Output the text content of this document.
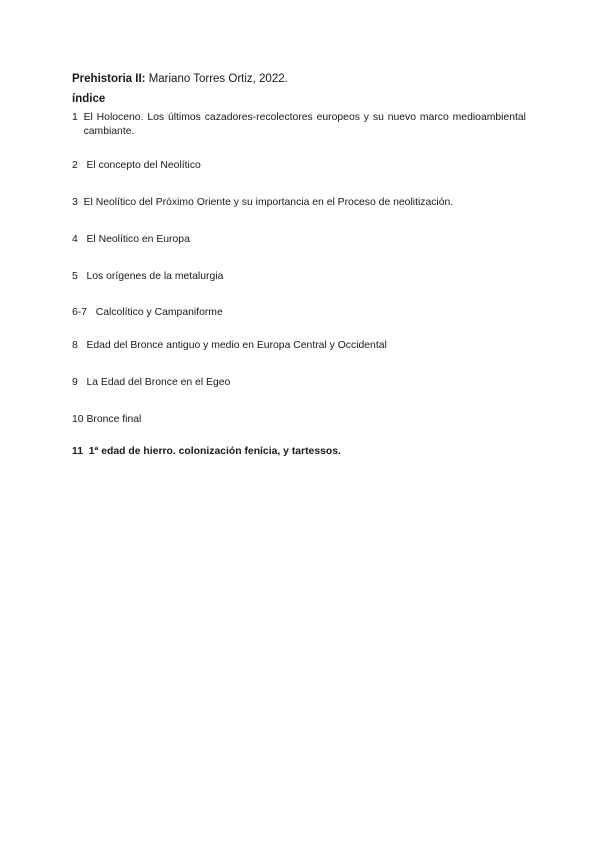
Prehistoria II: Mariano Torres Ortiz, 2022.

índice

1
El Holoceno. Los últimos cazadores-recolectores europeos y su nuevo marco medioambiental cambiante.
2
El concepto del Neolítico
3
El Neolítico del Próximo Oriente y su importancia en el Proceso de neolitización.
4
El Neolítico en Europa
5
Los orígenes de la metalurgia
6-7
Calcolítico y Campaniforme
8
Edad del Bronce antiguo y medio en Europa Central y Occidental
9
La Edad del Bronce en el Egeo
10
Bronce final
11
1ª edad de hierro. colonización fenícia, y tartessos.
